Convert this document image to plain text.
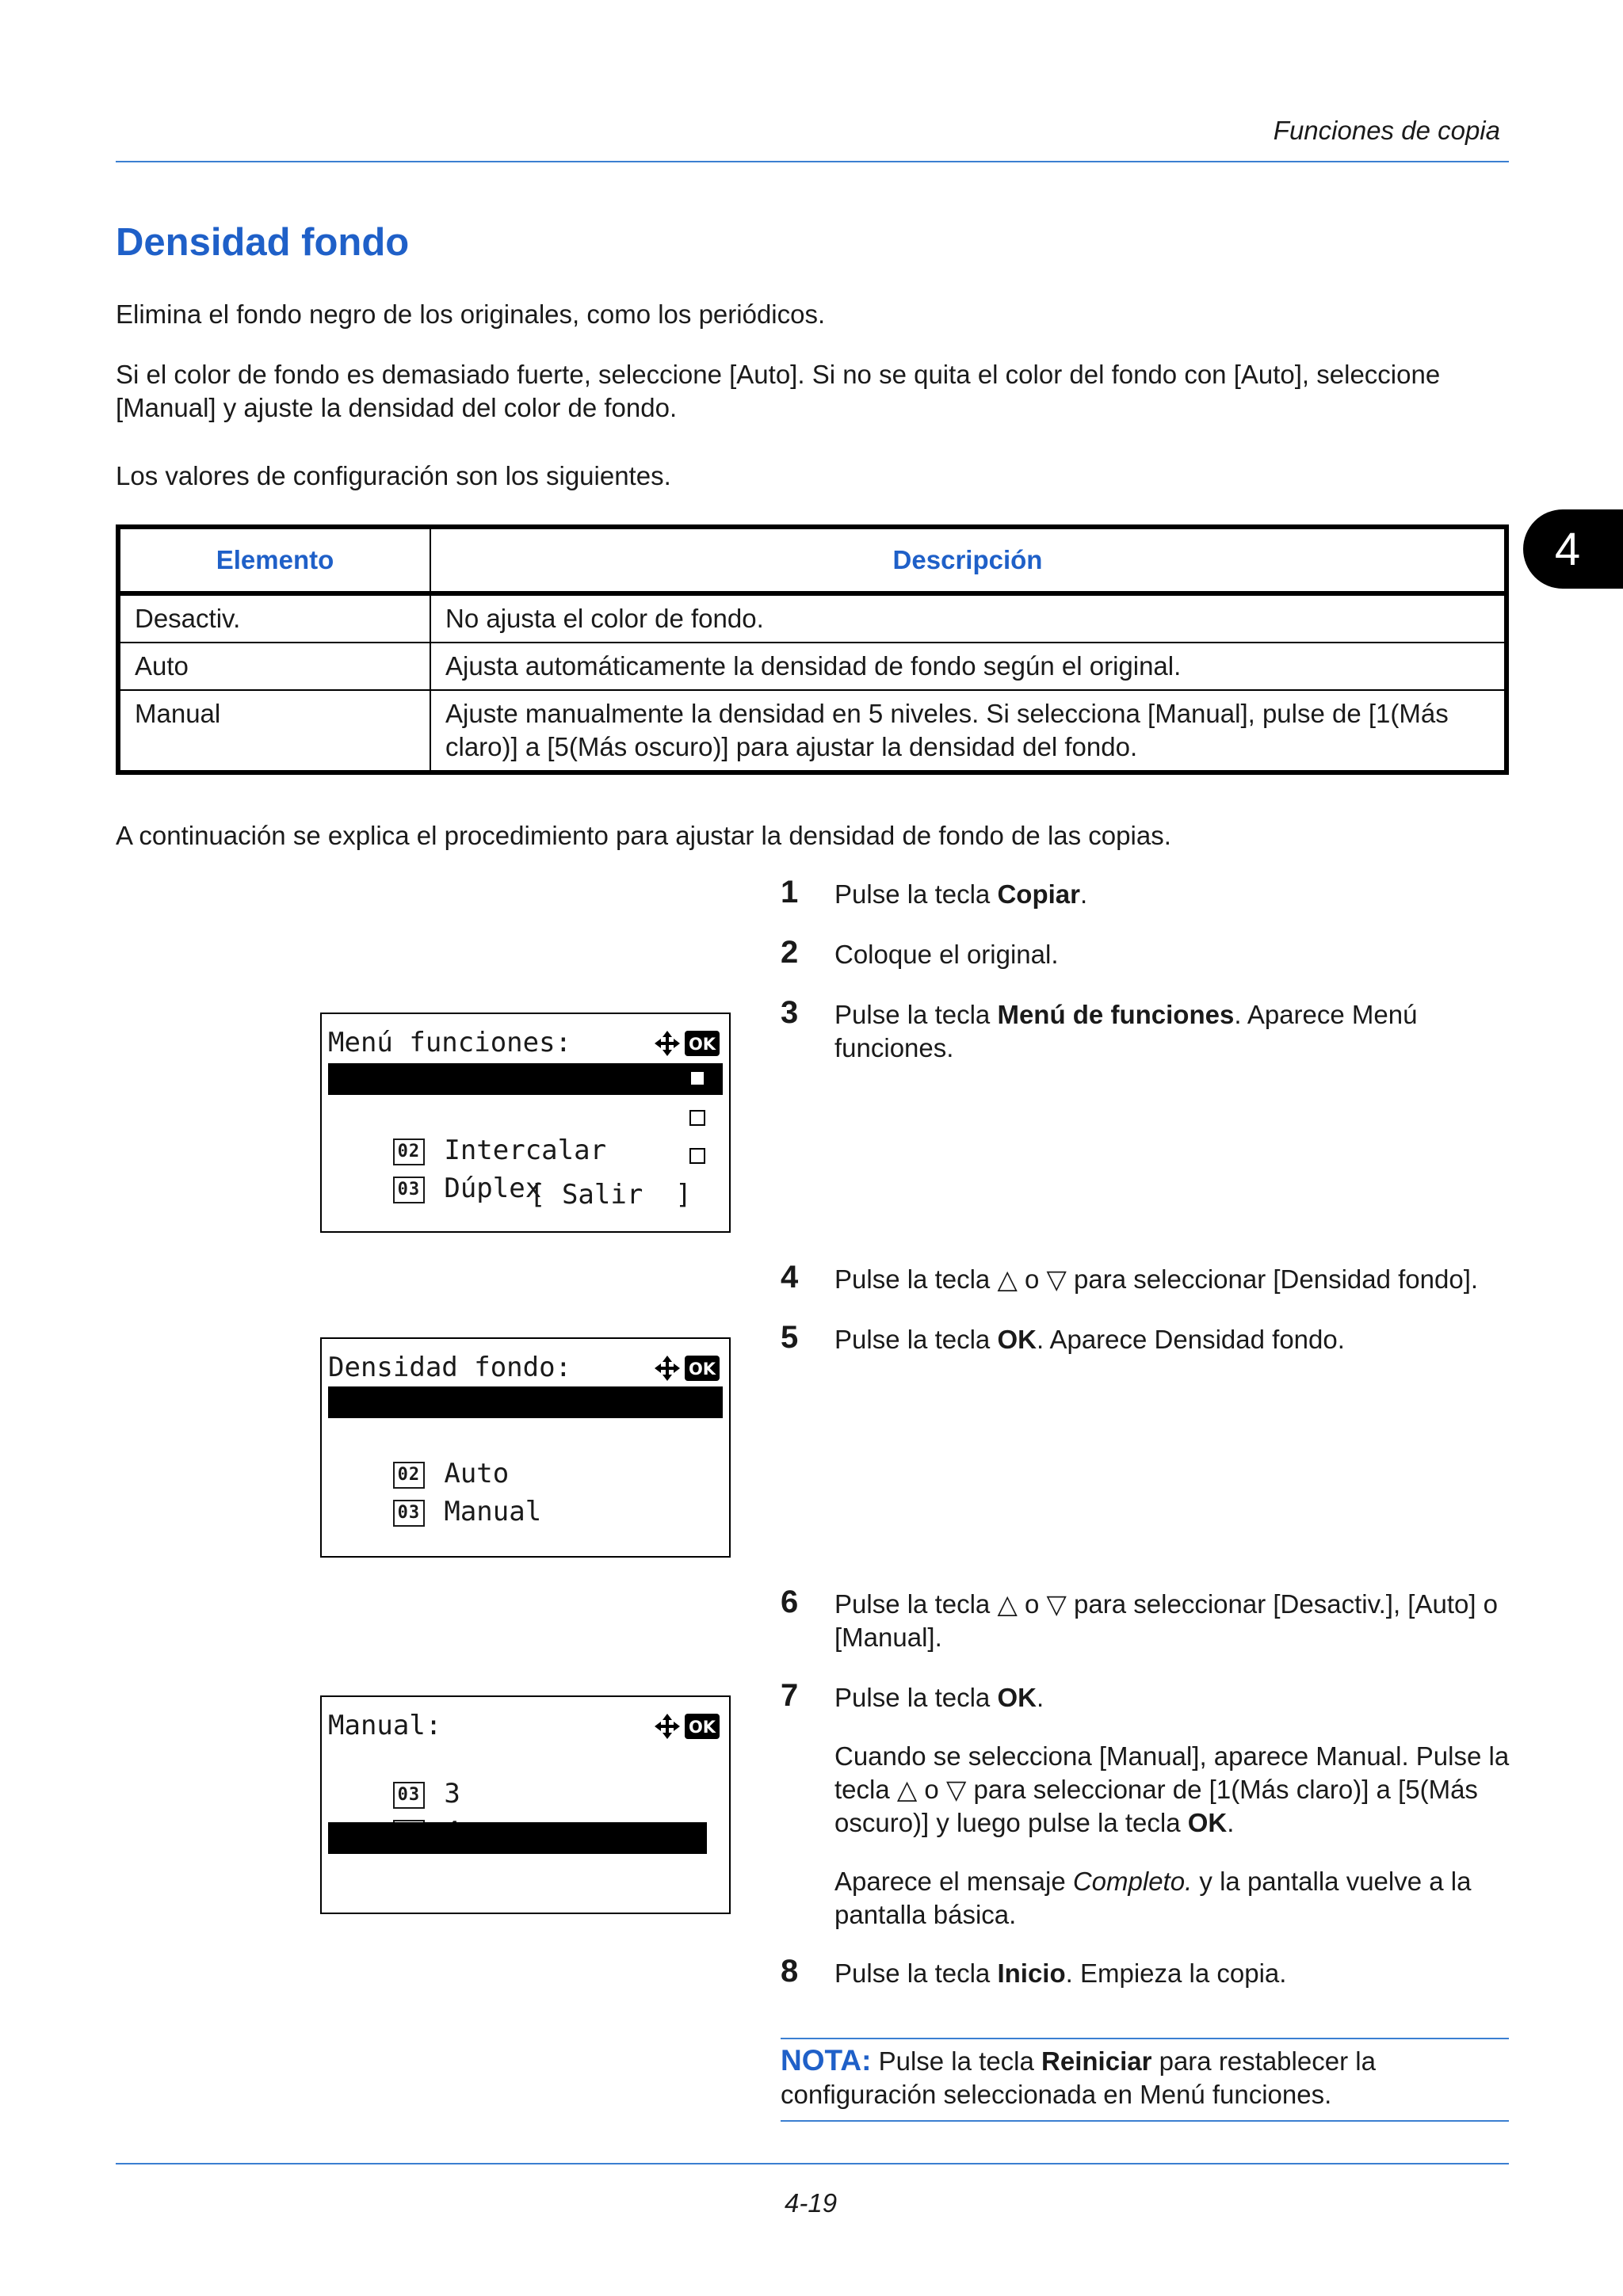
Funciones de copia
4
Densidad fondo
Elimina el fondo negro de los originales, como los periódicos.
Si el color de fondo es demasiado fuerte, seleccione [Auto]. Si no se quita el color del fondo con [Auto], seleccione [Manual] y ajuste la densidad del color de fondo.
Los valores de configuración son los siguientes.
Elemento	Descripción
Desactiv.	No ajusta el color de fondo.
Auto	Ajusta automáticamente la densidad de fondo según el original.
Manual	Ajuste manualmente la densidad en 5 niveles. Si selecciona [Manual], pulse de [1(Más claro)] a [5(Más oscuro)] para ajustar la densidad del fondo.
A continuación se explica el procedimiento para ajustar la densidad de fondo de las copias.
1	Pulse la tecla Copiar.
2	Coloque el original.
3	Pulse la tecla Menú de funciones. Aparece Menú funciones.
4	Pulse la tecla △ o ▽ para seleccionar [Densidad fondo].
5	Pulse la tecla OK. Aparece Densidad fondo.
6	Pulse la tecla △ o ▽ para seleccionar [Desactiv.], [Auto] o [Manual].
7	Pulse la tecla OK.
Cuando se selecciona [Manual], aparece Manual. Pulse la tecla △ o ▽ para seleccionar de [1(Más claro)] a [5(Más oscuro)] y luego pulse la tecla OK.
Aparece el mensaje Completo. y la pantalla vuelve a la pantalla básica.
8	Pulse la tecla Inicio. Empieza la copia.
NOTA: Pulse la tecla Reiniciar para restablecer la configuración seleccionada en Menú funciones.
4-19
Menú funciones:	OK

01 Selección papel

02 Intercalar

03 Dúplex

[ Salir  ]
Densidad fondo:	OK

01 *Desactiv.

02 Auto

03 Manual

Manual:	OK

03 3

05 *5(Más oscuro)
